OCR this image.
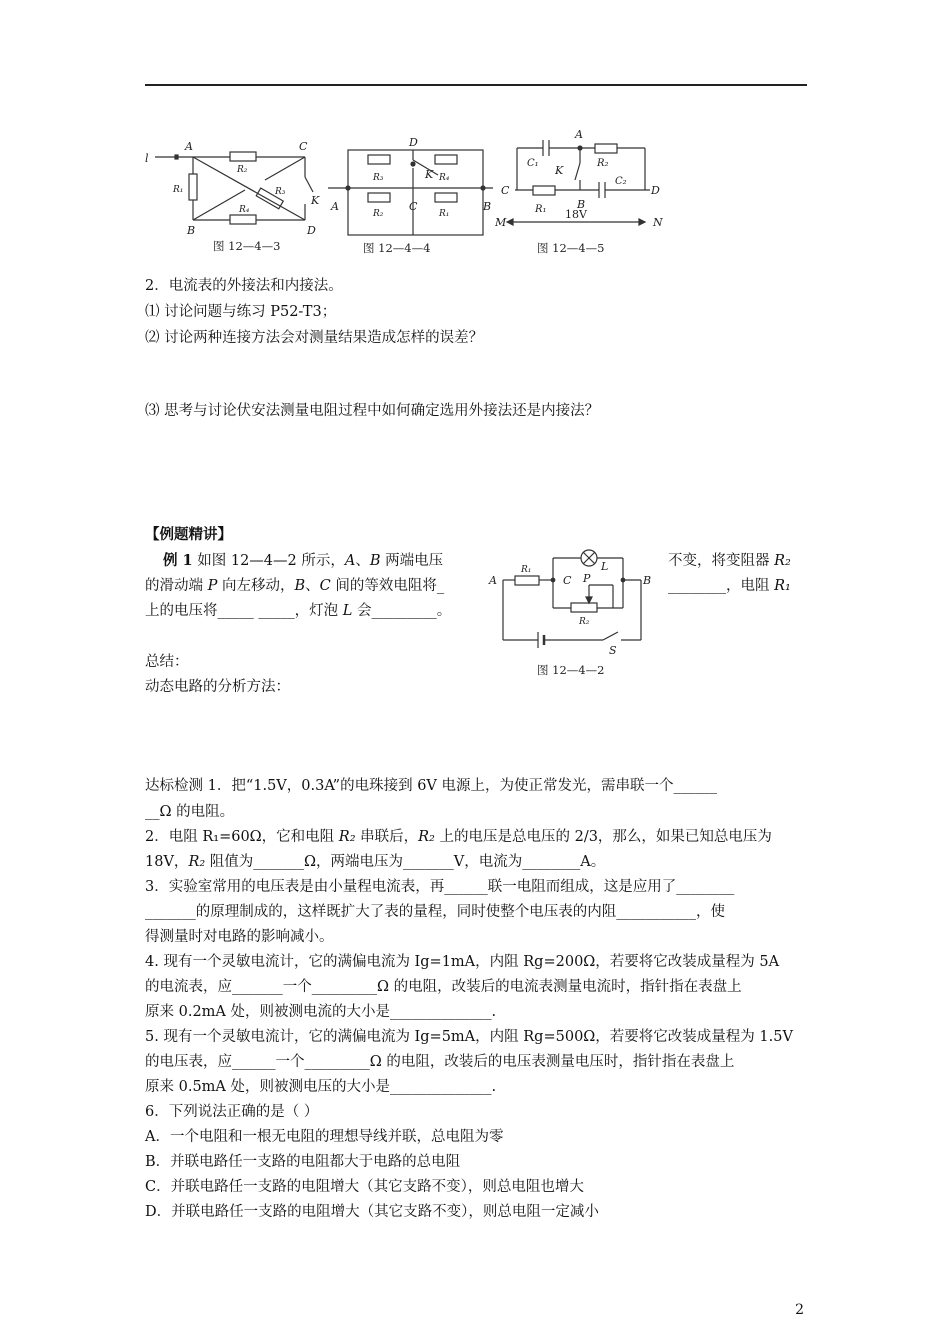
l
A	C
R₂
R₁	R₃
K
B
R₄
D
图 12—4—3
D
R₃	R₄
K
A
R₂
C
R₁
B
图 12—4—4
A
C₁
K
R₂
C
C₂
D
R₁	B
M
18V
N
图 12—4—5
2．电流表的外接法和内接法。
⑴ 讨论问题与练习 P52-T3；
⑵ 讨论两种连接方法会对测量结果造成怎样的误差？
⑶ 思考与讨论伏安法测量电阻过程中如何确定选用外接法还是内接法？
【例题精讲】
例 1 如图 12—4—2 所示，A、B 两端电压	不变，将变阻器 R₂
的滑动端 P 向左移动，B、C 间的等效电阻将_	________，电阻 R₁
上的电压将_____ _____，灯泡 L 会_________。
A
R₁
C P
L
B
R₂
S
图 12—4—2
总结：
动态电路的分析方法：
达标检测 1．把“1.5V，0.3A”的电珠接到 6V 电源上，为使正常发光，需串联一个______
__Ω 的电阻。
2．电阻 R₁=60Ω，它和电阻 R₂ 串联后，R₂ 上的电压是总电压的 2/3，那么，如果已知总电压为
18V，R₂ 阻值为_______Ω，两端电压为_______V，电流为________A。
3．实验室常用的电压表是由小量程电流表，再______联一电阻而组成，这是应用了________
_______的原理制成的，这样既扩大了表的量程，同时使整个电压表的内阻___________，使
得测量时对电路的影响减小。
4. 现有一个灵敏电流计，它的满偏电流为 Ig=1mA，内阻 Rg=200Ω，若要将它改装成量程为 5A
的电流表，应_______一个_________Ω 的电阻，改装后的电流表测量电流时，指针指在表盘上
原来 0.2mA 处，则被测电流的大小是______________.
5. 现有一个灵敏电流计，它的满偏电流为 Ig=5mA，内阻 Rg=500Ω，若要将它改装成量程为 1.5V
的电压表，应______一个_________Ω 的电阻，改装后的电压表测量电压时，指针指在表盘上
原来 0.5mA 处，则被测电压的大小是______________.
6．下列说法正确的是（ ）
A．一个电阻和一根无电阻的理想导线并联，总电阻为零
B．并联电路任一支路的电阻都大于电路的总电阻
C．并联电路任一支路的电阻增大（其它支路不变），则总电阻也增大
D．并联电路任一支路的电阻增大（其它支路不变），则总电阻一定减小
2
